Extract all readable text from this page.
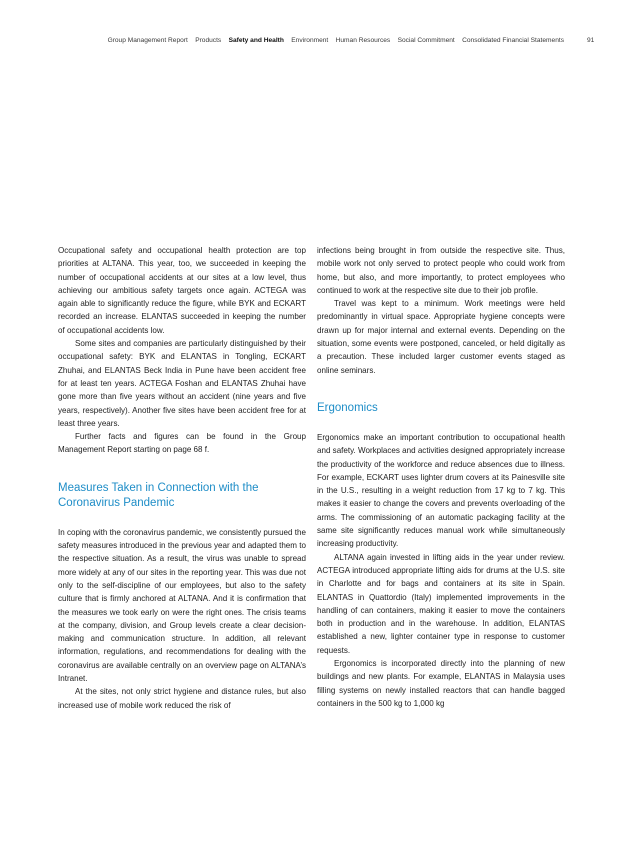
Group Management Report Products Safety and Health Environment Human Resources Social Commitment Consolidated Financial Statements	91

Occupational safety and occupational health protection are top priorities at ALTANA. This year, too, we succeeded in keeping the number of occupational accidents at our sites at a low level, thus achieving our ambitious safety targets once again. ACTEGA was again able to significantly reduce the figure, while BYK and ECKART recorded an increase. ELANTAS succeeded in keeping the number of occupational accidents low.

Some sites and companies are particularly distinguished by their occupational safety: BYK and ELANTAS in Tongling, ECKART Zhuhai, and ELANTAS Beck India in Pune have been accident free for at least ten years. ACTEGA Foshan and ELANTAS Zhuhai have gone more than five years without an accident (nine years and five years, respectively). Another five sites have been accident free for at least three years.

Further facts and figures can be found in the Group Management Report starting on page 68 f.

Measures Taken in Connection with the Coronavirus Pandemic

In coping with the coronavirus pandemic, we consistently pursued the safety measures introduced in the previous year and adapted them to the respective situation. As a result, the virus was unable to spread more widely at any of our sites in the reporting year. This was due not only to the self-discipline of our employees, but also to the safety culture that is firmly anchored at ALTANA. And it is confirmation that the measures we took early on were the right ones. The crisis teams at the company, division, and Group levels create a clear decision-making and communication structure. In addition, all relevant information, regulations, and recommendations for dealing with the coronavirus are available centrally on an overview page on ALTANA’s Intranet.

At the sites, not only strict hygiene and distance rules, but also increased use of mobile work reduced the risk of

infections being brought in from outside the respective site. Thus, mobile work not only served to protect people who could work from home, but also, and more importantly, to protect employees who continued to work at the respective site due to their job profile.

Travel was kept to a minimum. Work meetings were held predominantly in virtual space. Appropriate hygiene concepts were drawn up for major internal and external events. Depending on the situation, some events were postponed, canceled, or held digitally as a precaution. These included larger customer events staged as online seminars.

Ergonomics

Ergonomics make an important contribution to occupational health and safety. Workplaces and activities designed appropriately increase the productivity of the workforce and reduce absences due to illness. For example, ECKART uses lighter drum covers at its Painesville site in the U.S., resulting in a weight reduction from 17 kg to 7 kg. This makes it easier to change the covers and prevents overloading of the arms. The commissioning of an automatic packaging facility at the same site significantly reduces manual work while simultaneously increasing productivity.

ALTANA again invested in lifting aids in the year under review. ACTEGA introduced appropriate lifting aids for drums at the U.S. site in Charlotte and for bags and containers at its site in Spain. ELANTAS in Quattordio (Italy) implemented improvements in the handling of can containers, making it easier to move the containers both in production and in the warehouse. In addition, ELANTAS established a new, lighter container type in response to customer requests.

Ergonomics is incorporated directly into the planning of new buildings and new plants. For example, ELANTAS in Malaysia uses filling systems on newly installed reactors that can handle bagged containers in the 500 kg to 1,000 kg
